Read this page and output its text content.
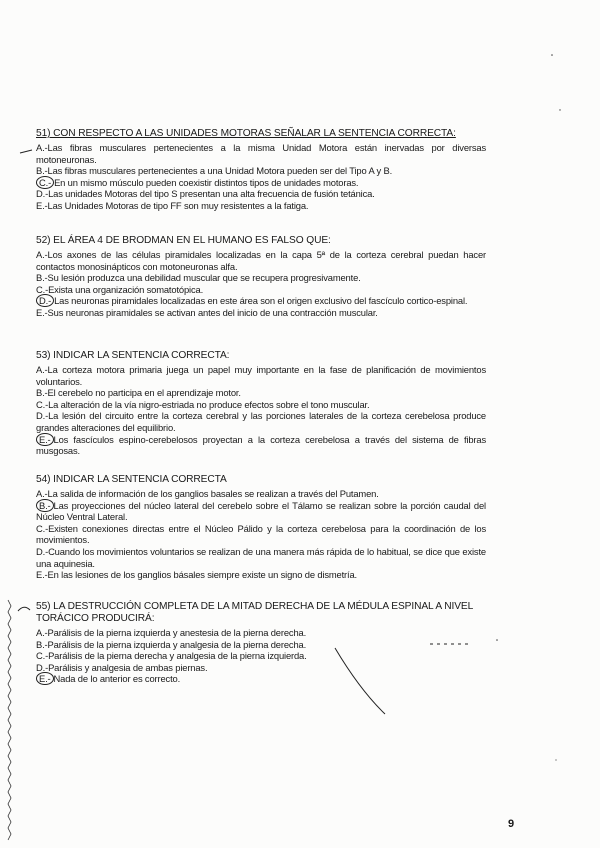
51) CON RESPECTO A LAS UNIDADES MOTORAS SEÑALAR LA SENTENCIA CORRECTA:

A.-Las fibras musculares pertenecientes a la misma Unidad Motora están inervadas por diversas motoneuronas.

B.-Las fibras musculares pertenecientes a una Unidad Motora pueden ser del Tipo A y B.

C.- En un mismo músculo pueden coexistir distintos tipos de unidades motoras.

D.-Las unidades Motoras del tipo S presentan una alta frecuencia de fusión tetánica.

E.-Las Unidades Motoras de tipo FF son muy resistentes a la fatiga.

52) EL ÁREA 4 DE BRODMAN EN EL HUMANO ES FALSO QUE:

A.-Los axones de las células piramidales localizadas en la capa 5ª de la corteza cerebral puedan hacer contactos monosinápticos con motoneuronas alfa.

B.-Su lesión produzca una debilidad muscular que se recupera progresivamente.

C.-Exista una organización somatotópica.

D.- Las neuronas piramidales localizadas en este área son el origen exclusivo del fascículo cortico-espinal.

E.-Sus neuronas piramidales se activan antes del inicio de una contracción muscular.

53) INDICAR LA SENTENCIA CORRECTA:

A.-La corteza motora primaria juega un papel muy importante en la fase de planificación de movimientos voluntarios.

B.-El cerebelo no participa en el aprendizaje motor.

C.-La alteración de la vía nigro-estriada no produce efectos sobre el tono muscular.

D.-La lesión del circuito entre la corteza cerebral y las porciones laterales de la corteza cerebelosa produce grandes alteraciones del equilibrio.

E.- Los fascículos espino-cerebelosos proyectan a la corteza cerebelosa a través del sistema de fibras musgosas.

54) INDICAR LA SENTENCIA CORRECTA

A.-La salida de información de los ganglios basales se realizan a través del Putamen.

B.- Las proyecciones del núcleo lateral del cerebelo sobre el Tálamo se realizan sobre la porción caudal del Núcleo Ventral Lateral.

C.-Existen conexiones directas entre el Núcleo Pálido y la corteza cerebelosa para la coordinación de los movimientos.

D.-Cuando los movimientos voluntarios se realizan de una manera más rápida de lo habitual, se dice que existe una aquinesia.

E.-En las lesiones de los ganglios básales siempre existe un signo de dismetría.

55) LA DESTRUCCIÓN COMPLETA DE LA MITAD DERECHA DE LA MÉDULA ESPINAL A NIVEL TORÁCICO PRODUCIRÁ:

A.-Parálisis de la pierna izquierda y anestesia de la pierna derecha.

B.-Parálisis de la pierna izquierda y analgesia de la pierna derecha.

C.-Parálisis de la pierna derecha y analgesia de la pierna izquierda.

D.-Parálisis y analgesia de ambas piernas.

E.- Nada de lo anterior es correcto.

9
